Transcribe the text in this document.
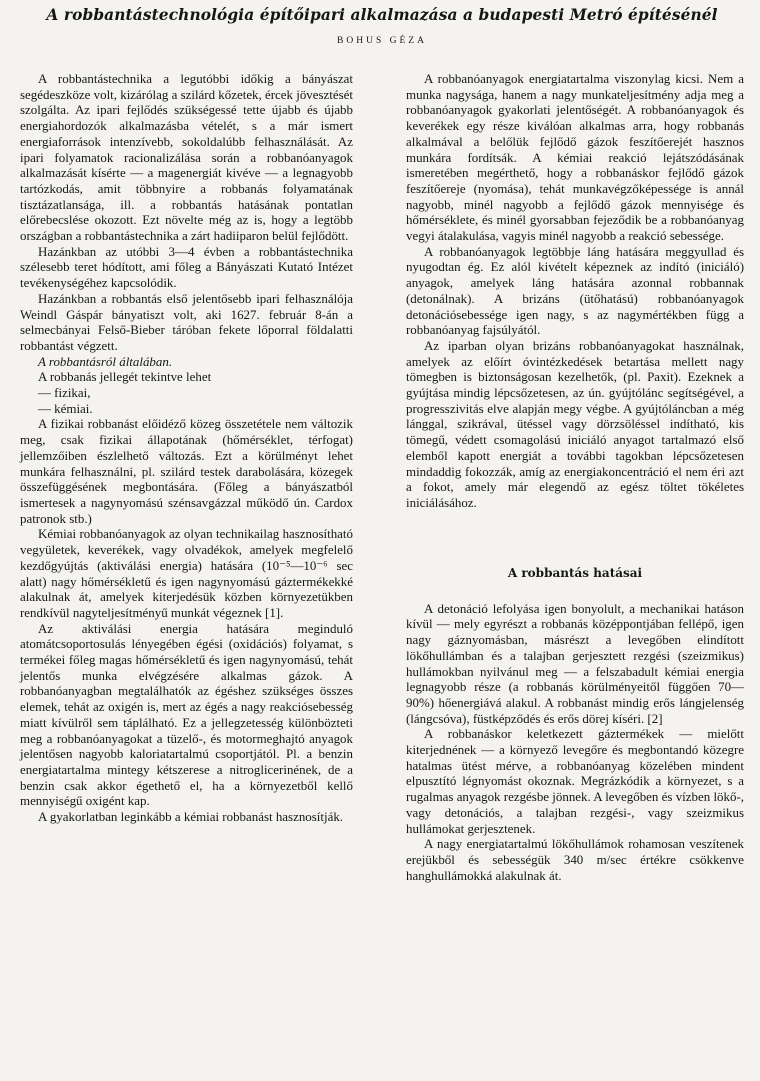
A robbantástechnológia építőipari alkalmazása a budapesti Metró építésénél
BOHUS GÉZA

A robbantástechnika a legutóbbi időkig a bányászat segédeszköze volt, kizárólag a szilárd kőzetek, ércek jövesztését szolgálta. Az ipari fejlődés szükségessé tette újabb és újabb energiahordozók alkalmazásba vételét, s a már ismert energiaforrások intenzívebb, sokoldalúbb felhasználását. Az ipari folyamatok racionalizálása során a robbanóanyagok alkalmazását kísérte — a magenergiát kivéve — a legnagyobb tartózkodás, amit többnyire a robbanás folyamatának tisztázatlansága, ill. a robbantás hatásának pontatlan előrebecslése okozott. Ezt növelte még az is, hogy a legtöbb országban a robbantástechnika a zárt hadiiparon belül fejlődött.

Hazánkban az utóbbi 3—4 évben a robbantástechnika szélesebb teret hódított, ami főleg a Bányászati Kutató Intézet tevékenységéhez kapcsolódik.

Hazánkban a robbantás első jelentősebb ipari felhasználója Weindl Gáspár bányatiszt volt, aki 1627. február 8-án a selmecbányai Felső-Bieber táróban fekete lőporral földalatti robbantást végzett.

A robbantásról általában.

A robbanás jellegét tekintve lehet

— fizikai,

— kémiai.

A fizikai robbanást előidéző közeg összetétele nem változik meg, csak fizikai állapotának (hőmérséklet, térfogat) jellemzőiben észlelhető változás. Ezt a körülményt lehet munkára felhasználni, pl. szilárd testek darabolására, közegek összefüggésének megbontására. (Főleg a bányászatból ismertesek a nagynyomású szénsavgázzal működő ún. Cardox patronok stb.)

Kémiai robbanóanyagok az olyan technikailag hasznosítható vegyületek, keverékek, vagy olvadékok, amelyek megfelelő kezdőgyújtás (aktiválási energia) hatására (10⁻⁵—10⁻⁶ sec alatt) nagy hőmérsékletű és igen nagynyomású gáztermékekké alakulnak át, amelyek kiterjedésük közben környezetükben rendkívül nagyteljesítményű munkát végeznek [1].

Az aktiválási energia hatására meginduló atomátcsoportosulás lényegében égési (oxidációs) folyamat, s termékei főleg magas hőmérsékletű és igen nagynyomású, tehát jelentős munka elvégzésére alkalmas gázok. A robbanóanyagban megtalálhatók az égéshez szükséges összes elemek, tehát az oxigén is, mert az égés a nagy reakciósebesség miatt kívülről sem táplálható. Ez a jellegzetesség különbözteti meg a robbanóanyagokat a tüzelő-, és motormeghajtó anyagok jelentősen nagyobb kaloriatartalmú csoportjától. Pl. a benzin energiatartalma mintegy kétszerese a nitroglicerinének, de a benzin csak akkor égethető el, ha a környezetből kellő mennyiségű oxigént kap.

A gyakorlatban leginkább a kémiai robbanást hasznosítják.

A robbanóanyagok energiatartalma viszonylag kicsi. Nem a munka nagysága, hanem a nagy munkateljesítmény adja meg a robbanóanyagok gyakorlati jelentőségét. A robbanóanyagok és keverékek egy része kiválóan alkalmas arra, hogy robbanás alkalmával a belőlük fejlődő gázok feszítőerejét hasznos munkára fordítsák. A kémiai reakció lejátszódásának ismeretében megérthető, hogy a robbanáskor fejlődő gázok feszítőereje (nyomása), tehát munkavégzőképessége is annál nagyobb, minél nagyobb a fejlődő gázok mennyisége és hőmérséklete, és minél gyorsabban fejeződik be a robbanóanyag vegyi átalakulása, vagyis minél nagyobb a reakció sebessége.

A robbanóanyagok legtöbbje láng hatására meggyullad és nyugodtan ég. Ez alól kivételt képeznek az indító (iniciáló) anyagok, amelyek láng hatására azonnal robbannak (detonálnak). A brizáns (ütőhatású) robbanóanyagok detonációsebessége igen nagy, s az nagymértékben függ a robbanóanyag fajsúlyától.

Az iparban olyan brizáns robbanóanyagokat használnak, amelyek az előírt óvintézkedések betartása mellett nagy tömegben is biztonságosan kezelhetők, (pl. Paxit). Ezeknek a gyújtása mindig lépcsőzetesen, az ún. gyújtólánc segítségével, a progresszivitás elve alapján megy végbe. A gyújtóláncban a még lánggal, szikrával, ütéssel vagy dörzsöléssel indítható, kis tömegű, védett csomagolású iniciáló anyagot tartalmazó első elemből kapott energiát a további tagokban lépcsőzetesen mindaddig fokozzák, amíg az energiakoncentráció el nem éri azt a fokot, amely már elegendő az egész töltet tökéletes iniciálásához.

A robbantás hatásai

A detonáció lefolyása igen bonyolult, a mechanikai hatáson kívül — mely egyrészt a robbanás középpontjában fellépő, igen nagy gáznyomásban, másrészt a levegőben elindított lökőhullámban és a talajban gerjesztett rezgési (szeizmikus) hullámokban nyilvánul meg — a felszabadult kémiai energia legnagyobb része (a robbanás körülményeitől függően 70—90%) hőenergiává alakul. A robbanást mindig erős lángjelenség (lángcsóva), füstképződés és erős dörej kíséri. [2]

A robbanáskor keletkezett gáztermékek — mielőtt kiterjednének — a környező levegőre és megbontandó közegre hatalmas ütést mérve, a robbanóanyag közelében mindent elpusztító légnyomást okoznak. Megrázkódik a környezet, s a rugalmas anyagok rezgésbe jönnek. A levegőben és vízben lökő-, vagy detonációs, a talajban rezgési-, vagy szeizmikus hullámokat gerjesztenek.

A nagy energiatartalmú lökőhullámok rohamosan veszítenek erejükből és sebességük 340 m/sec értékre csökkenve hanghullámokká alakulnak át.
